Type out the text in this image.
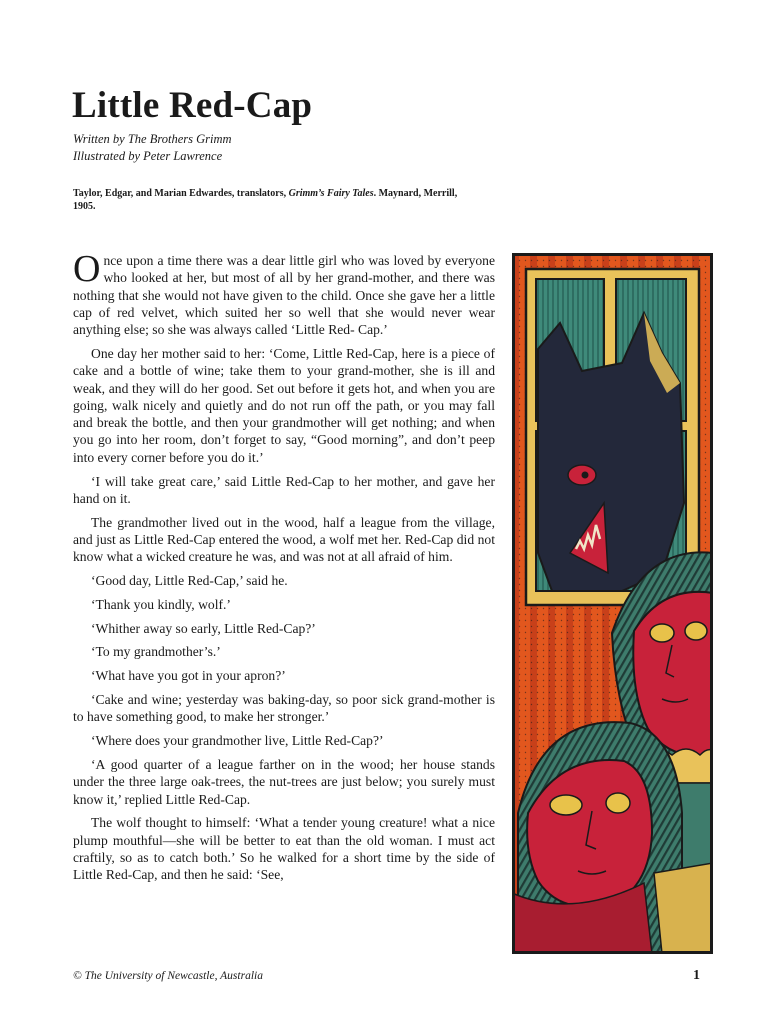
Little Red-Cap
Written by The Brothers Grimm
Illustrated by Peter Lawrence
Taylor, Edgar, and Marian Edwardes, translators, Grimm’s Fairy Tales. Maynard, Merrill, 1905.

Once upon a time there was a dear little girl who was loved by everyone who looked at her, but most of all by her grand-mother, and there was nothing that she would not have given to the child. Once she gave her a little cap of red velvet, which suited her so well that she would never wear anything else; so she was always called ‘Little Red- Cap.’

One day her mother said to her: ‘Come, Little Red-Cap, here is a piece of cake and a bottle of wine; take them to your grand-mother, she is ill and weak, and they will do her good. Set out before it gets hot, and when you are going, walk nicely and quietly and do not run off the path, or you may fall and break the bottle, and then your grandmother will get nothing; and when you go into her room, don’t forget to say, “Good morning”, and don’t peep into every corner before you do it.’

‘I will take great care,’ said Little Red-Cap to her mother, and gave her hand on it.

The grandmother lived out in the wood, half a league from the village, and just as Little Red-Cap entered the wood, a wolf met her. Red-Cap did not know what a wicked creature he was, and was not at all afraid of him.

‘Good day, Little Red-Cap,’ said he.

‘Thank you kindly, wolf.’

‘Whither away so early, Little Red-Cap?’

‘To my grandmother’s.’

‘What have you got in your apron?’

‘Cake and wine; yesterday was baking-day, so poor sick grand-mother is to have something good, to make her stronger.’

‘Where does your grandmother live, Little Red-Cap?’

‘A good quarter of a league farther on in the wood; her house stands under the three large oak-trees, the nut-trees are just below; you surely must know it,’ replied Little Red-Cap.

The wolf thought to himself: ‘What a tender young creature! what a nice plump mouthful—she will be better to eat than the old woman. I must act craftily, so as to catch both.’ So he walked for a short time by the side of Little Red-Cap, and then he said: ‘See,

© The University of Newcastle, Australia	1
